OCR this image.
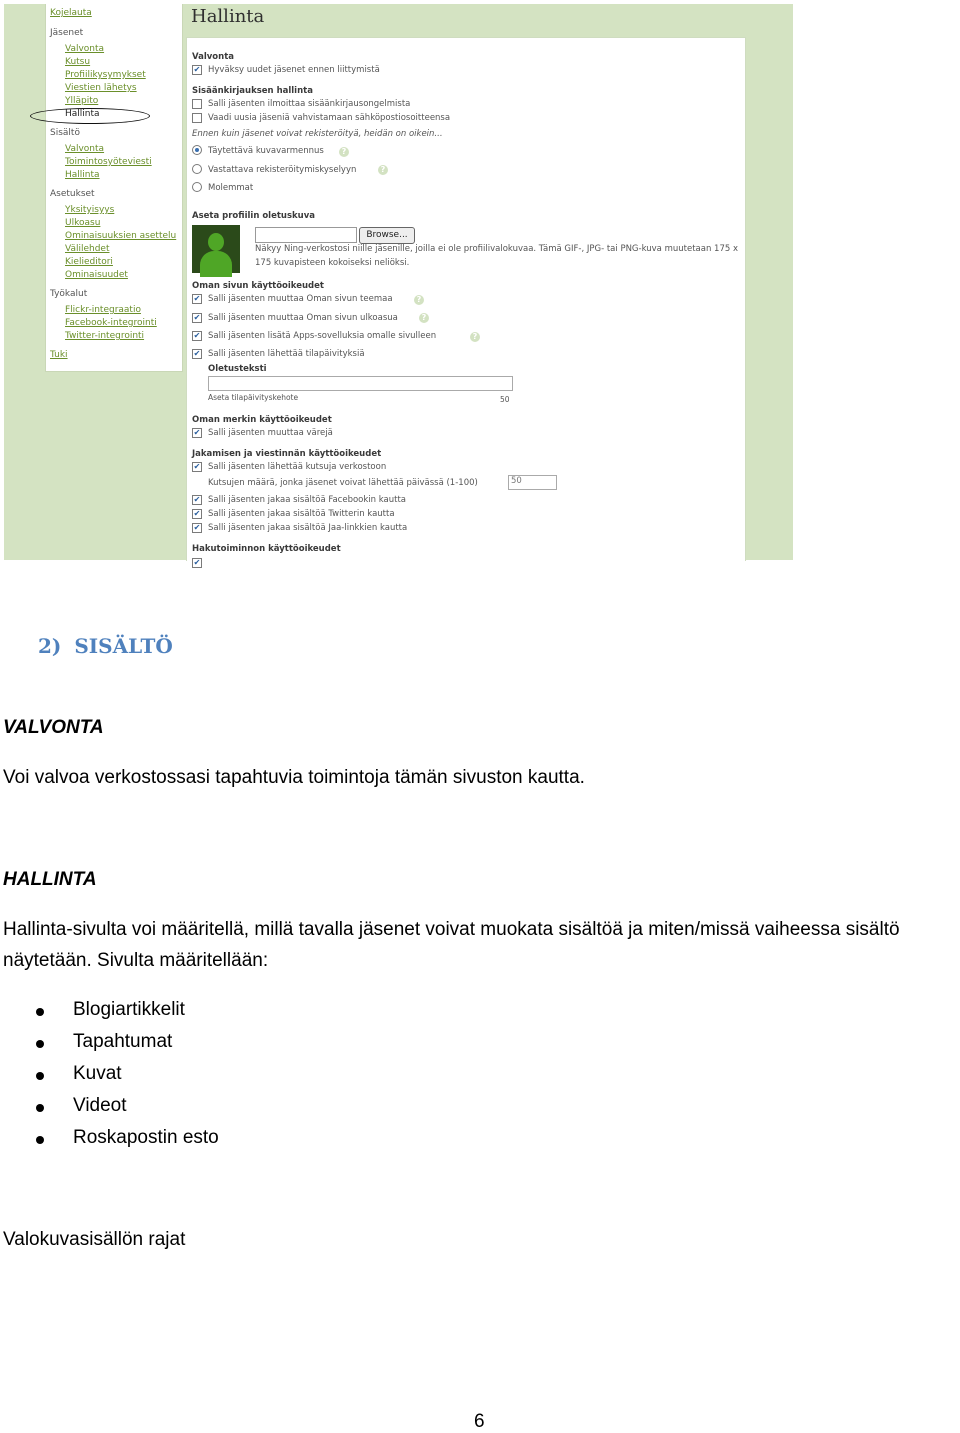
Kojelauta
Jäsenet
Valvonta
Kutsu
Profiilikysymykset
Viestien lähetys
Ylläpito
Hallinta
Sisältö
Valvonta
Toimintosyöteviesti
Hallinta
Asetukset
Yksityisyys
Ulkoasu
Ominaisuuksien asettelu
Välilehdet
Kielieditori
Ominaisuudet
Työkalut
Flickr-integraatio
Facebook-integrointi
Twitter-integrointi
Tuki
Hallinta
Valvonta
✔ Hyväksy uudet jäsenet ennen liittymistä
Sisäänkirjauksen hallinta
Salli jäsenten ilmoittaa sisäänkirjausongelmista
Vaadi uusia jäseniä vahvistamaan sähköpostiosoitteensa
Ennen kuin jäsenet voivat rekisteröityä, heidän on oikein...
Täytettävä kuvavarmennus	?
Vastattava rekisteröitymiskyselyyn	?
Molemmat
Aseta profiilin oletuskuva
Browse...
Näkyy Ning-verkostosi niille jäsenille, joilla ei ole profiilivalokuvaa. Tämä GIF-, JPG- tai PNG-kuva muutetaan 175 x
175 kuvapisteen kokoiseksi neliöksi.
Oman sivun käyttöoikeudet
✔ Salli jäsenten muuttaa Oman sivun teemaa	?
✔ Salli jäsenten muuttaa Oman sivun ulkoasua	?
✔ Salli jäsenten lisätä Apps-sovelluksia omalle sivulleen	?
✔ Salli jäsenten lähettää tilapäivityksiä
Oletusteksti
Aseta tilapäivityskehote	50
Oman merkin käyttöoikeudet
✔ Salli jäsenten muuttaa värejä
Jakamisen ja viestinnän käyttöoikeudet
✔ Salli jäsenten lähettää kutsuja verkostoon
Kutsujen määrä, jonka jäsenet voivat lähettää päivässä (1-100)	50
✔ Salli jäsenten jakaa sisältöä Facebookin kautta
✔ Salli jäsenten jakaa sisältöä Twitterin kautta
✔ Salli jäsenten jakaa sisältöä Jaa-linkkien kautta
Hakutoiminnon käyttöoikeudet
✔
2) SISÄLTÖ
VALVONTA
Voi valvoa verkostossasi tapahtuvia toimintoja tämän sivuston kautta.
HALLINTA
Hallinta-sivulta voi määritellä, millä tavalla jäsenet voivat muokata sisältöä ja miten/missä vaiheessa sisältö
näytetään. Sivulta määritellään:
Blogiartikkelit
Tapahtumat
Kuvat
Videot
Roskapostin esto
Valokuvasisällön rajat
6
